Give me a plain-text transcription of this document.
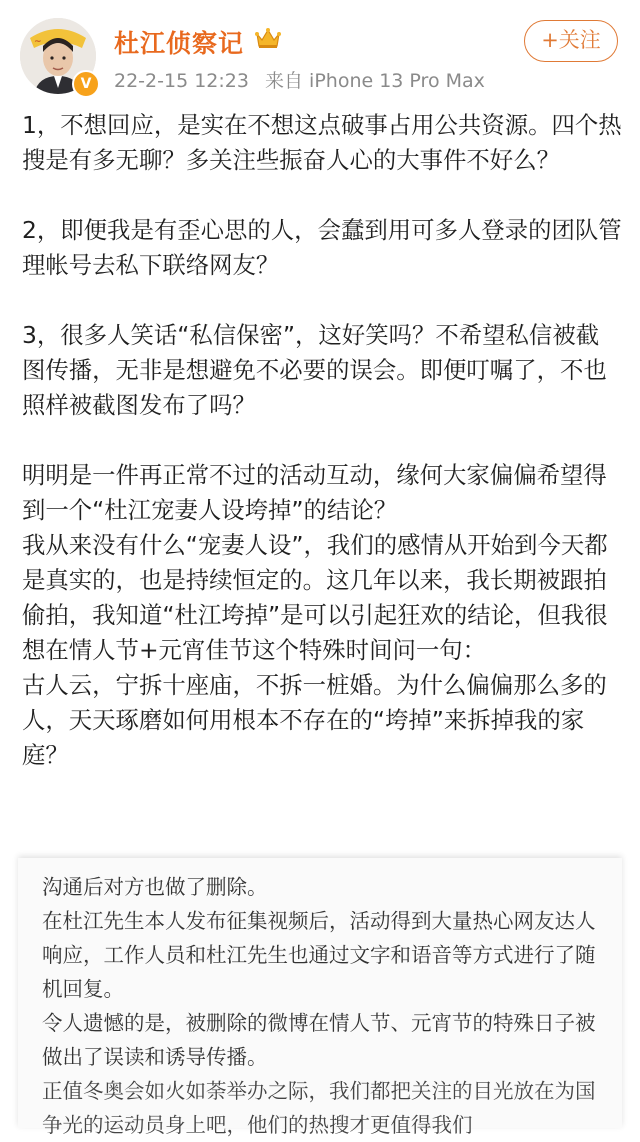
~
V
杜江侦察记
22-2-15 12:23 来自 iPhone 13 Pro Max
+关注

1，不想回应，是实在不想这点破事占用公共资源。四个热搜是有多无聊？多关注些振奋人心的大事件不好么？

2，即便我是有歪心思的人，会蠢到用可多人登录的团队管理帐号去私下联络网友？

3，很多人笑话“私信保密”，这好笑吗？不希望私信被截图传播，无非是想避免不必要的误会。即便叮嘱了，不也照样被截图发布了吗？

明明是一件再正常不过的活动互动，缘何大家偏偏希望得到一个“杜江宠妻人设垮掉”的结论？

我从来没有什么“宠妻人设”，我们的感情从开始到今天都是真实的，也是持续恒定的。这几年以来，我长期被跟拍偷拍，我知道“杜江垮掉”是可以引起狂欢的结论，但我很想在情人节+元宵佳节这个特殊时间问一句：

古人云，宁拆十座庙，不拆一桩婚。为什么偏偏那么多的人，天天琢磨如何用根本不存在的“垮掉”来拆掉我的家庭？

沟通后对方也做了删除。

在杜江先生本人发布征集视频后，活动得到大量热心网友达人响应，工作人员和杜江先生也通过文字和语音等方式进行了随机回复。

令人遗憾的是，被删除的微博在情人节、元宵节的特殊日子被做出了误读和诱导传播。

正值冬奥会如火如荼举办之际，我们都把关注的目光放在为国争光的运动员身上吧，他们的热搜才更值得我们
